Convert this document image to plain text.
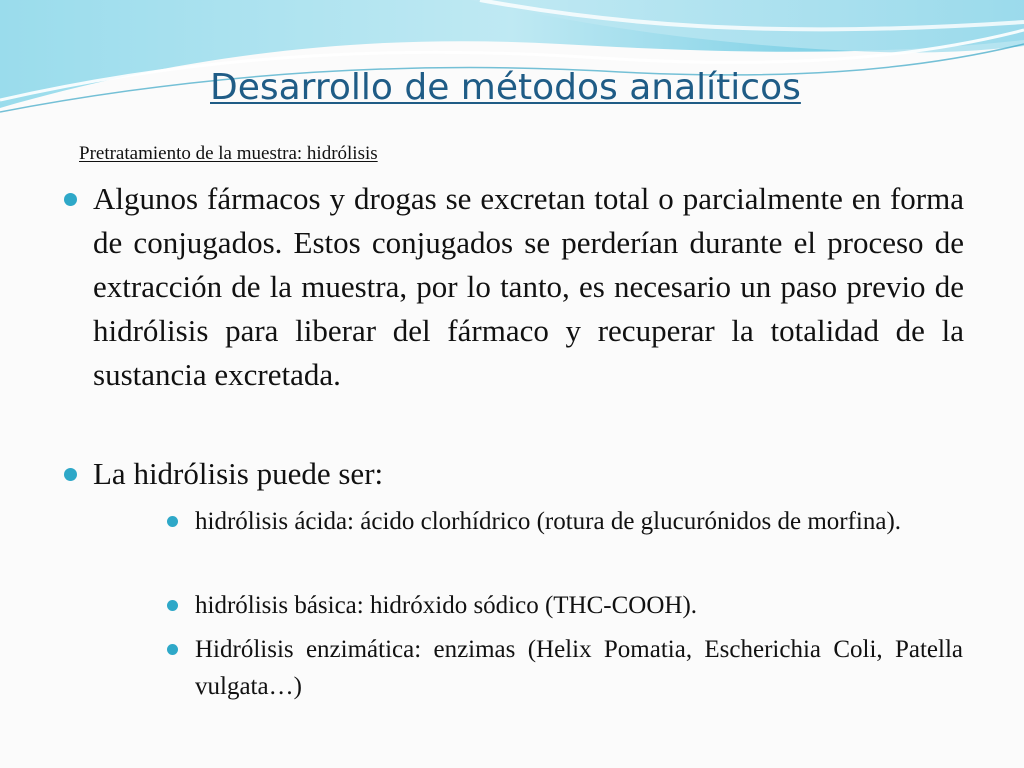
Desarrollo de métodos analíticos
Pretratamiento de la muestra: hidrólisis
Algunos fármacos y drogas se excretan total o parcialmente en forma de conjugados. Estos conjugados se perderían durante el proceso de extracción de la muestra, por lo tanto, es necesario un paso previo de hidrólisis para liberar del fármaco y recuperar la totalidad de la sustancia excretada.
La hidrólisis puede ser:
hidrólisis ácida: ácido clorhídrico (rotura de glucurónidos de morfina).
hidrólisis básica: hidróxido sódico (THC-COOH).
Hidrólisis enzimática: enzimas (Helix Pomatia, Escherichia Coli, Patella vulgata…)
